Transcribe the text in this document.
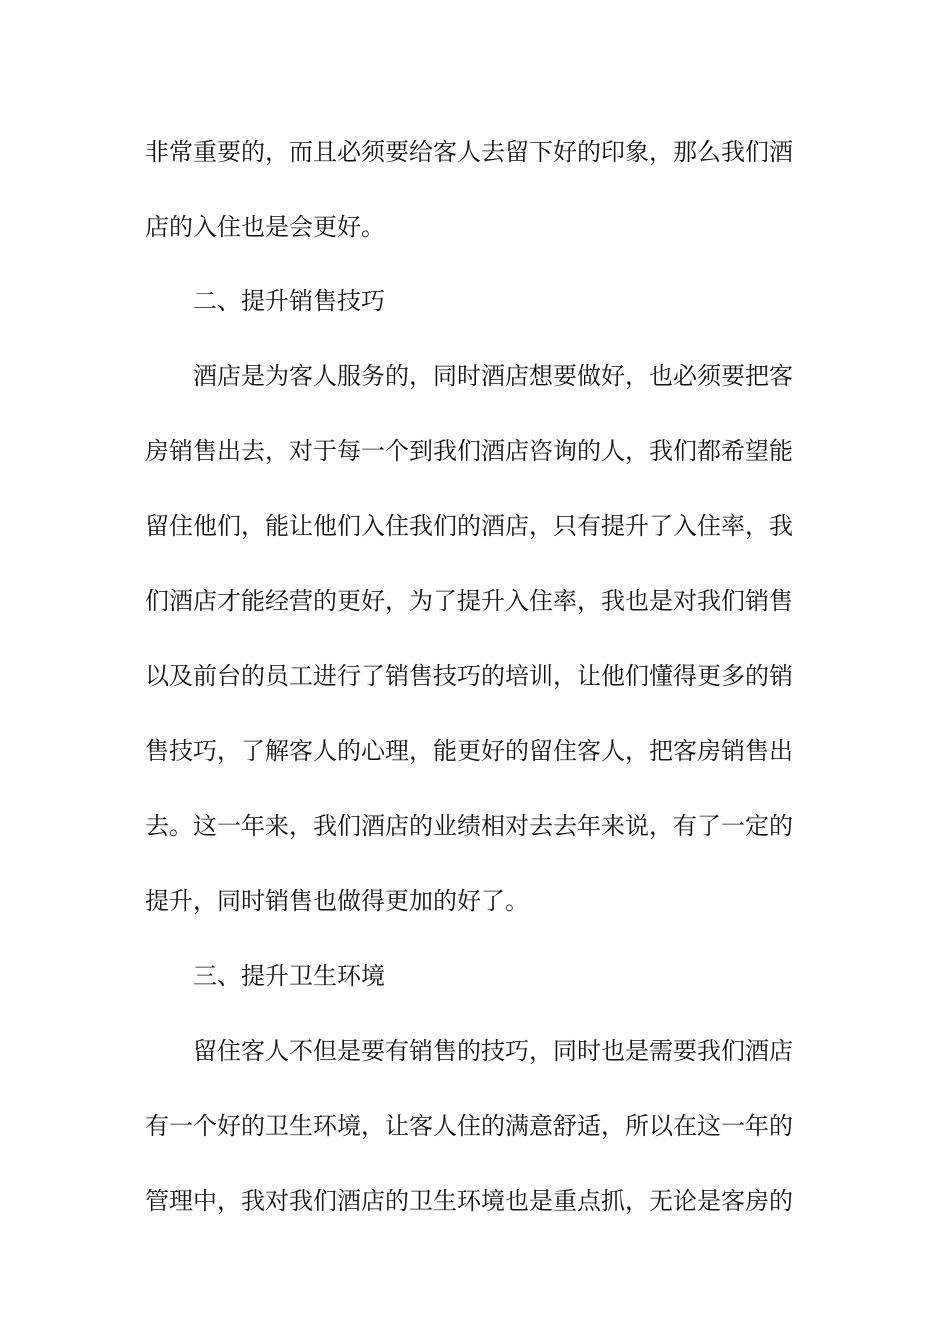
非常重要的，而且必须要给客人去留下好的印象，那么我们酒
店的入住也是会更好。
二、提升销售技巧
酒店是为客人服务的，同时酒店想要做好，也必须要把客
房销售出去，对于每一个到我们酒店咨询的人，我们都希望能
留住他们，能让他们入住我们的酒店，只有提升了入住率，我
们酒店才能经营的更好，为了提升入住率，我也是对我们销售
以及前台的员工进行了销售技巧的培训，让他们懂得更多的销
售技巧，了解客人的心理，能更好的留住客人，把客房销售出
去。这一年来，我们酒店的业绩相对去去年来说，有了一定的
提升，同时销售也做得更加的好了。
三、提升卫生环境
留住客人不但是要有销售的技巧，同时也是需要我们酒店
有一个好的卫生环境，让客人住的满意舒适，所以在这一年的
管理中，我对我们酒店的卫生环境也是重点抓，无论是客房的
